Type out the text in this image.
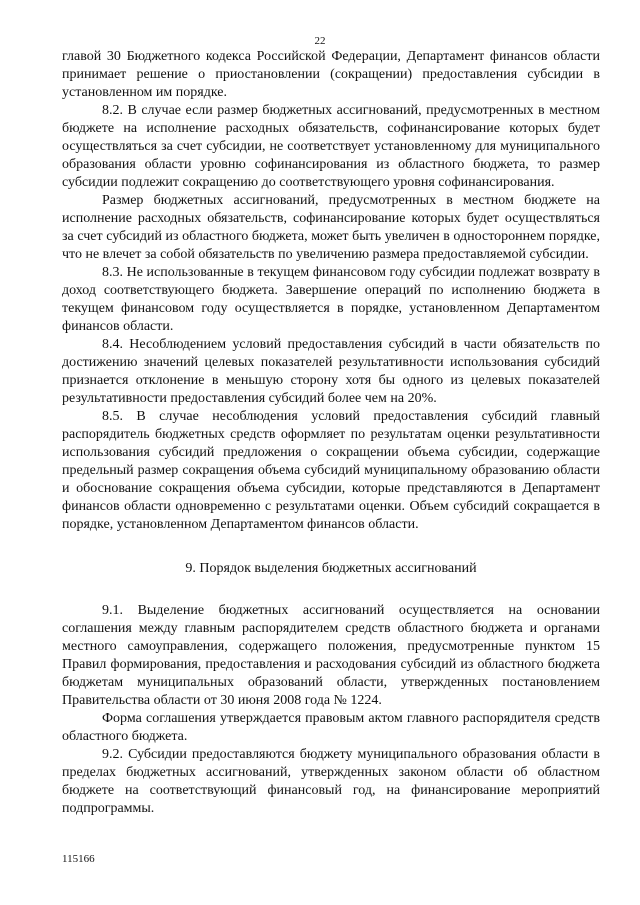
22

главой 30 Бюджетного кодекса Российской Федерации, Департамент финансов области принимает решение о приостановлении (сокращении) предоставления субсидии в установленном им порядке.

8.2. В случае если размер бюджетных ассигнований, предусмотренных в местном бюджете на исполнение расходных обязательств, софинансирование которых будет осуществляться за счет субсидии, не соответствует установленному для муниципального образования области уровню софинансирования из областного бюджета, то размер субсидии подлежит сокращению до соответствующего уровня софинансирования.

Размер бюджетных ассигнований, предусмотренных в местном бюджете на исполнение расходных обязательств, софинансирование которых будет осуществляться за счет субсидий из областного бюджета, может быть увеличен в одностороннем порядке, что не влечет за собой обязательств по увеличению размера предоставляемой субсидии.

8.3. Не использованные в текущем финансовом году субсидии подлежат возврату в доход соответствующего бюджета. Завершение операций по исполнению бюджета в текущем финансовом году осуществляется в порядке, установленном Департаментом финансов области.

8.4. Несоблюдением условий предоставления субсидий в части обязательств по достижению значений целевых показателей результативности использования субсидий признается отклонение в меньшую сторону хотя бы одного из целевых показателей результативности предоставления субсидий более чем на 20%.

8.5. В случае несоблюдения условий предоставления субсидий главный распорядитель бюджетных средств оформляет по результатам оценки результативности использования субсидий предложения о сокращении объема субсидии, содержащие предельный размер сокращения объема субсидий муниципальному образованию области и обоснование сокращения объема субсидии, которые представляются в Департамент финансов области одновременно с результатами оценки. Объем субсидий сокращается в порядке, установленном Департаментом финансов области.

9. Порядок выделения бюджетных ассигнований

9.1. Выделение бюджетных ассигнований осуществляется на основании соглашения между главным распорядителем средств областного бюджета и органами местного самоуправления, содержащего положения, предусмотренные пунктом 15 Правил формирования, предоставления и расходования субсидий из областного бюджета бюджетам муниципальных образований области, утвержденных постановлением Правительства области от 30 июня 2008 года № 1224.

Форма соглашения утверждается правовым актом главного распорядителя средств областного бюджета.

9.2. Субсидии предоставляются бюджету муниципального образования области в пределах бюджетных ассигнований, утвержденных законом области об областном бюджете на соответствующий финансовый год, на финансирование мероприятий подпрограммы.

115166
